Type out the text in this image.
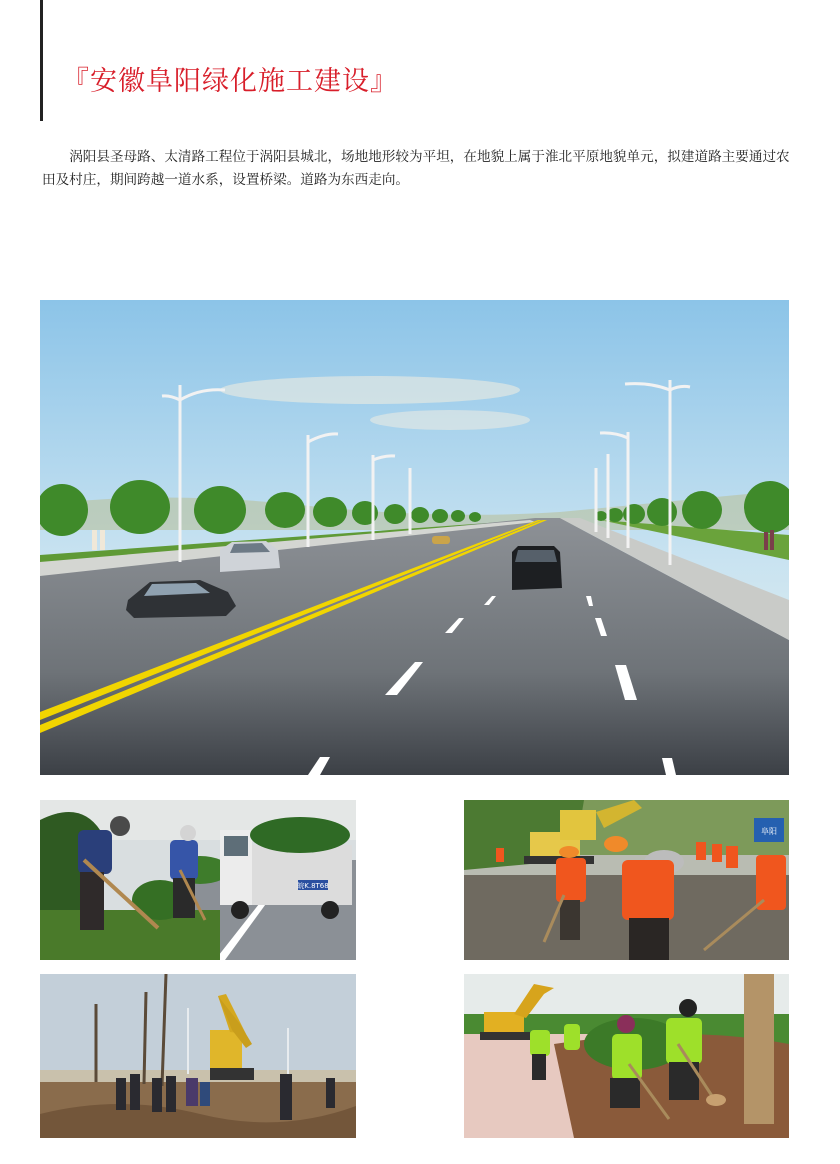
『安徽阜阳绿化施工建设』

涡阳县圣母路、太清路工程位于涡阳县城北，场地地形较为平坦，在地貌上属于淮北平原地貌单元，拟建道路主要通过农田及村庄，期间跨越一道水系，设置桥梁。道路为东西走向。

皖K.8T68
阜阳
